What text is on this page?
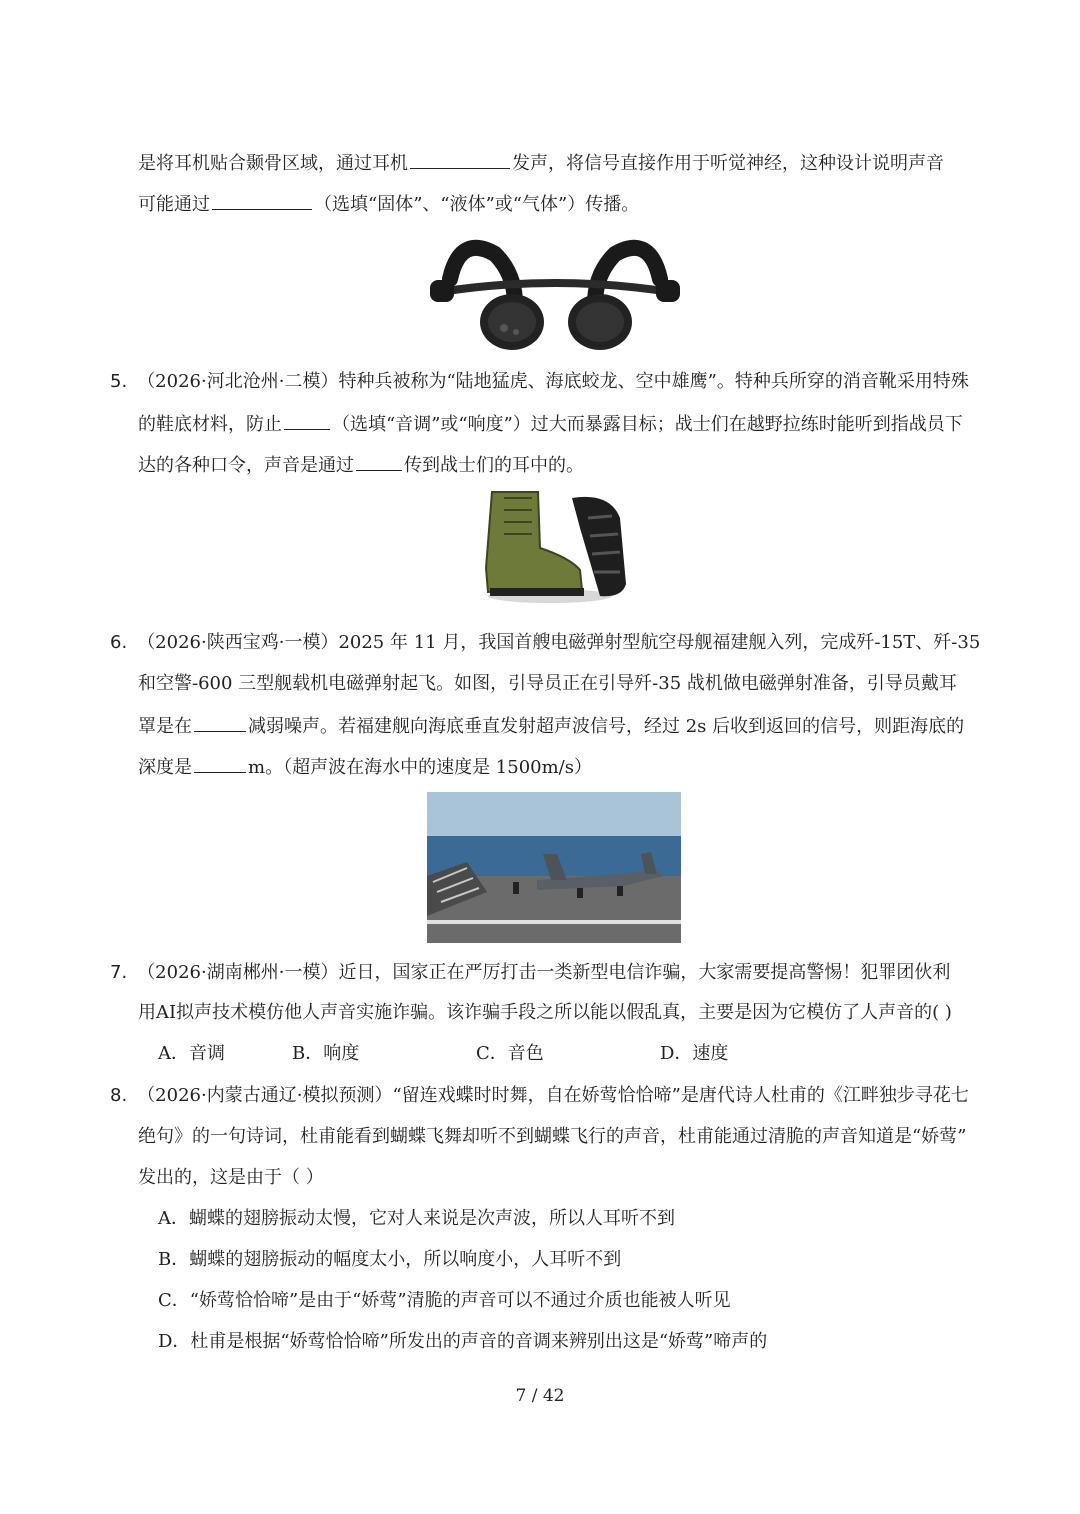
是将耳机贴合颞骨区域，通过耳机	发声，将信号直接作用于听觉神经，这种设计说明声音
可能通过	（选填“固体”、“液体”或“气体”）传播。
5. （2026·河北沧州·二模）特种兵被称为“陆地猛虎、海底蛟龙、空中雄鹰”。特种兵所穿的消音靴采用特殊
的鞋底材料，防止	（选填“音调”或“响度”）过大而暴露目标；战士们在越野拉练时能听到指战员下
达的各种口令，声音是通过	传到战士们的耳中的。
6. （2026·陕西宝鸡·一模）2025 年 11 月，我国首艘电磁弹射型航空母舰福建舰入列，完成歼-15T、歼-35
和空警-600 三型舰载机电磁弹射起飞。如图，引导员正在引导歼-35 战机做电磁弹射准备，引导员戴耳
罩是在	减弱噪声。若福建舰向海底垂直发射超声波信号，经过 2s 后收到返回的信号，则距海底的
深度是	m。（超声波在海水中的速度是 1500m/s）
7. （2026·湖南郴州·一模）近日，国家正在严厉打击一类新型电信诈骗，大家需要提高警惕！犯罪团伙利
用AI拟声技术模仿他人声音实施诈骗。该诈骗手段之所以能以假乱真，主要是因为它模仿了人声音的( )
A．音调	B．响度	C．音色	D．速度
8. （2026·内蒙古通辽·模拟预测）“留连戏蝶时时舞，自在娇莺恰恰啼”是唐代诗人杜甫的《江畔独步寻花七
绝句》的一句诗词，杜甫能看到蝴蝶飞舞却听不到蝴蝶飞行的声音，杜甫能通过清脆的声音知道是“娇莺”
发出的，这是由于（ ）
A．蝴蝶的翅膀振动太慢，它对人来说是次声波，所以人耳听不到
B．蝴蝶的翅膀振动的幅度太小，所以响度小，人耳听不到
C．“娇莺恰恰啼”是由于“娇莺”清脆的声音可以不通过介质也能被人听见
D．杜甫是根据“娇莺恰恰啼”所发出的声音的音调来辨别出这是“娇莺”啼声的
7 / 42
